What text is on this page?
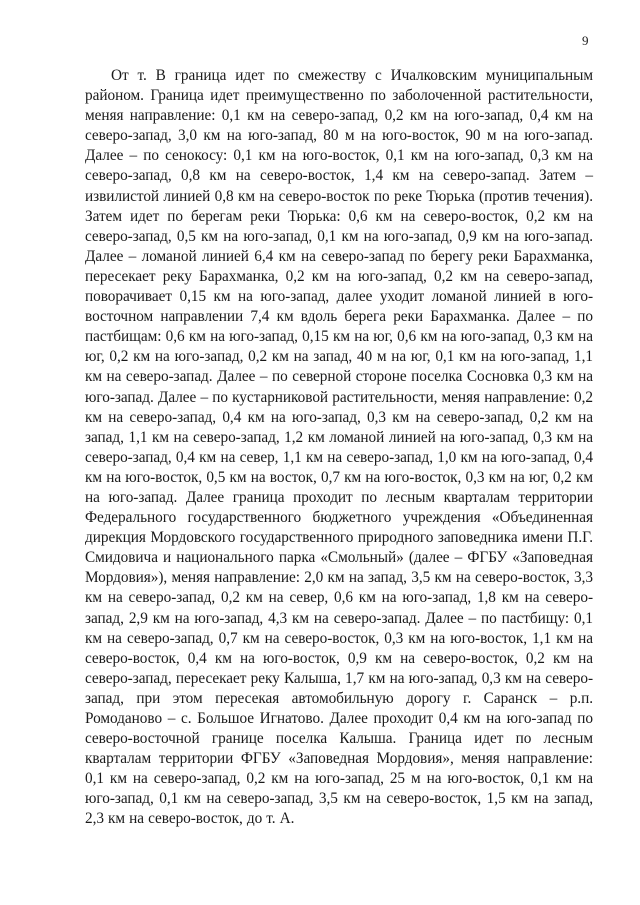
9

От т. В граница идет по смежеству с Ичалковским муниципальным районом. Граница идет преимущественно по заболоченной растительности, меняя направление: 0,1 км на северо-запад, 0,2 км на юго-запад, 0,4 км на северо-запад, 3,0 км на юго-запад, 80 м на юго-восток, 90 м на юго-запад. Далее – по сенокосу: 0,1 км на юго-восток, 0,1 км на юго-запад, 0,3 км на северо-запад, 0,8 км на северо-восток, 1,4 км на северо-запад. Затем – извилистой линией 0,8 км на северо-восток по реке Тюрька (против течения). Затем идет по берегам реки Тюрька: 0,6 км на северо-восток, 0,2 км на северо-запад, 0,5 км на юго-запад, 0,1 км на юго-запад, 0,9 км на юго-запад. Далее – ломаной линией 6,4 км на северо-запад по берегу реки Барахманка, пересекает реку Барахманка, 0,2 км на юго-запад, 0,2 км на северо-запад, поворачивает 0,15 км на юго-запад, далее уходит ломаной линией в юго-восточном направлении 7,4 км вдоль берега реки Барахманка. Далее – по пастбищам: 0,6 км на юго-запад, 0,15 км на юг, 0,6 км на юго-запад, 0,3 км на юг, 0,2 км на юго-запад, 0,2 км на запад, 40 м на юг, 0,1 км на юго-запад, 1,1 км на северо-запад. Далее – по северной стороне поселка Сосновка 0,3 км на юго-запад. Далее – по кустарниковой растительности, меняя направление: 0,2 км на северо-запад, 0,4 км на юго-запад, 0,3 км на северо-запад, 0,2 км на запад, 1,1 км на северо-запад, 1,2 км ломаной линией на юго-запад, 0,3 км на северо-запад, 0,4 км на север, 1,1 км на северо-запад, 1,0 км на юго-запад, 0,4 км на юго-восток, 0,5 км на восток, 0,7 км на юго-восток, 0,3 км на юг, 0,2 км на юго-запад. Далее граница проходит по лесным кварталам территории Федерального государственного бюджетного учреждения «Объединенная дирекция Мордовского государственного природного заповедника имени П.Г. Смидовича и национального парка «Смольный» (далее – ФГБУ «Заповедная Мордовия»), меняя направление: 2,0 км на запад, 3,5 км на северо-восток, 3,3 км на северо-запад, 0,2 км на север, 0,6 км на юго-запад, 1,8 км на северо-запад, 2,9 км на юго-запад, 4,3 км на северо-запад. Далее – по пастбищу: 0,1 км на северо-запад, 0,7 км на северо-восток, 0,3 км на юго-восток, 1,1 км на северо-восток, 0,4 км на юго-восток, 0,9 км на северо-восток, 0,2 км на северо-запад, пересекает реку Калыша, 1,7 км на юго-запад, 0,3 км на северо-запад, при этом пересекая автомобильную дорогу г. Саранск – р.п. Ромоданово – с. Большое Игнатово. Далее проходит 0,4 км на юго-запад по северо-восточной границе поселка Калыша. Граница идет по лесным кварталам территории ФГБУ «Заповедная Мордовия», меняя направление: 0,1 км на северо-запад, 0,2 км на юго-запад, 25 м на юго-восток, 0,1 км на юго-запад, 0,1 км на северо-запад, 3,5 км на северо-восток, 1,5 км на запад, 2,3 км на северо-восток, до т. А.
